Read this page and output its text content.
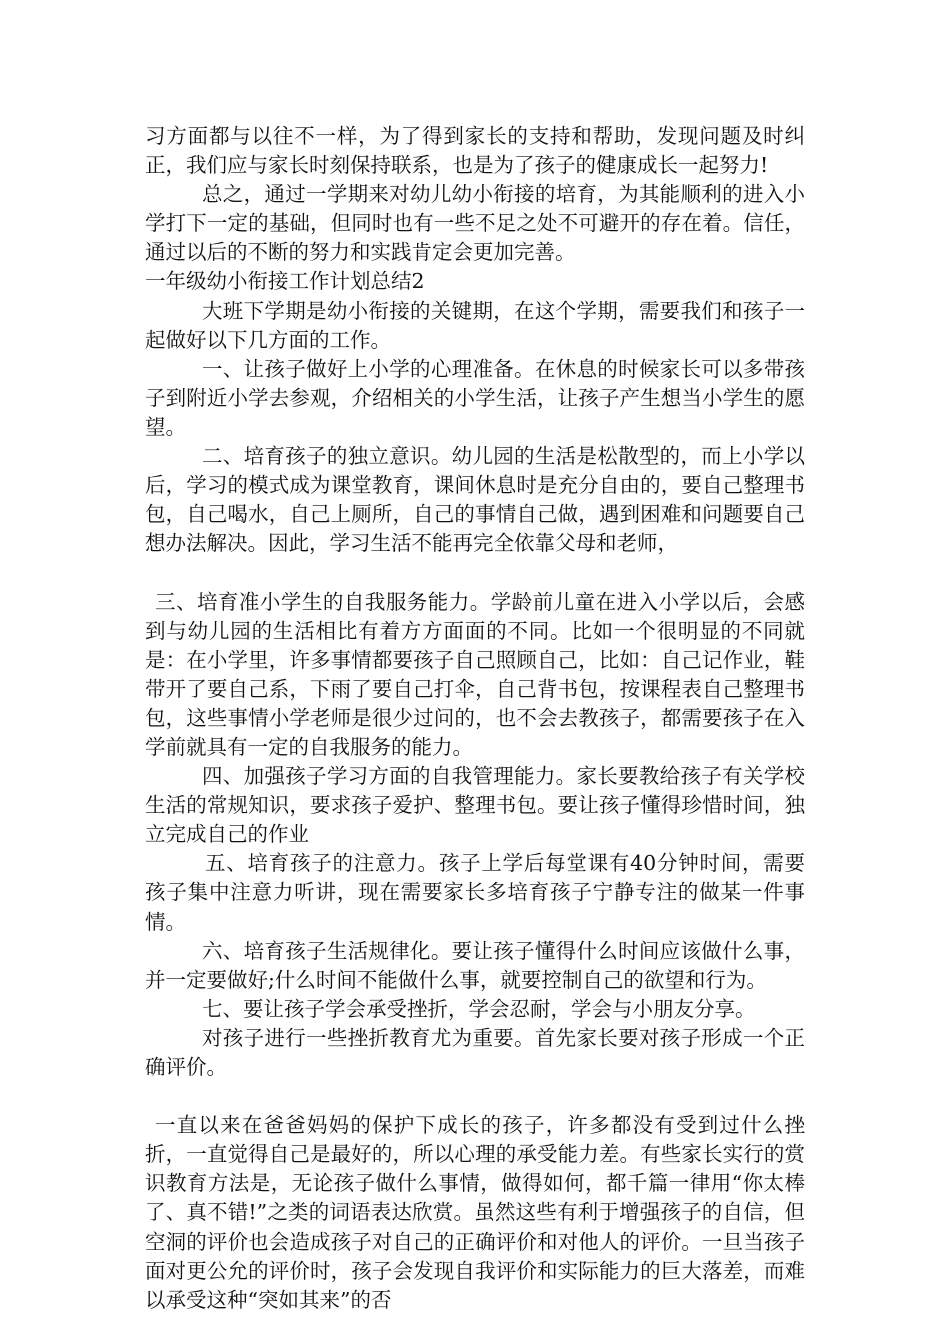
习方面都与以往不一样，为了得到家长的支持和帮助，发现问题及时纠正，我们应与家长时刻保持联系，也是为了孩子的健康成长一起努力!

总之，通过一学期来对幼儿幼小衔接的培育，为其能顺利的进入小学打下一定的基础，但同时也有一些不足之处不可避开的存在着。信任，通过以后的不断的努力和实践肯定会更加完善。

一年级幼小衔接工作计划总结2

大班下学期是幼小衔接的关键期，在这个学期，需要我们和孩子一起做好以下几方面的工作。

一、让孩子做好上小学的心理准备。在休息的时候家长可以多带孩子到附近小学去参观，介绍相关的小学生活，让孩子产生想当小学生的愿望。

二、培育孩子的独立意识。幼儿园的生活是松散型的，而上小学以后，学习的模式成为课堂教育，课间休息时是充分自由的，要自己整理书包，自己喝水，自己上厕所，自己的事情自己做，遇到困难和问题要自己想办法解决。因此，学习生活不能再完全依靠父母和老师，

三、培育准小学生的自我服务能力。学龄前儿童在进入小学以后，会感到与幼儿园的生活相比有着方方面面的不同。比如一个很明显的不同就是：在小学里，许多事情都要孩子自己照顾自己，比如：自己记作业，鞋带开了要自己系，下雨了要自己打伞，自己背书包，按课程表自己整理书包，这些事情小学老师是很少过问的，也不会去教孩子，都需要孩子在入学前就具有一定的自我服务的能力。

四、加强孩子学习方面的自我管理能力。家长要教给孩子有关学校生活的常规知识，要求孩子爱护、整理书包。要让孩子懂得珍惜时间，独立完成自己的作业

五、培育孩子的注意力。孩子上学后每堂课有40分钟时间，需要孩子集中注意力听讲，现在需要家长多培育孩子宁静专注的做某一件事情。

六、培育孩子生活规律化。要让孩子懂得什么时间应该做什么事，并一定要做好;什么时间不能做什么事，就要控制自己的欲望和行为。

七、要让孩子学会承受挫折，学会忍耐，学会与小朋友分享。

对孩子进行一些挫折教育尤为重要。首先家长要对孩子形成一个正确评价。

一直以来在爸爸妈妈的保护下成长的孩子，许多都没有受到过什么挫折，一直觉得自己是最好的，所以心理的承受能力差。有些家长实行的赏识教育方法是，无论孩子做什么事情，做得如何，都千篇一律用“你太棒了、真不错!”之类的词语表达欣赏。虽然这些有利于增强孩子的自信，但空洞的评价也会造成孩子对自己的正确评价和对他人的评价。一旦当孩子面对更公允的评价时，孩子会发现自我评价和实际能力的巨大落差，而难以承受这种“突如其来”的否
